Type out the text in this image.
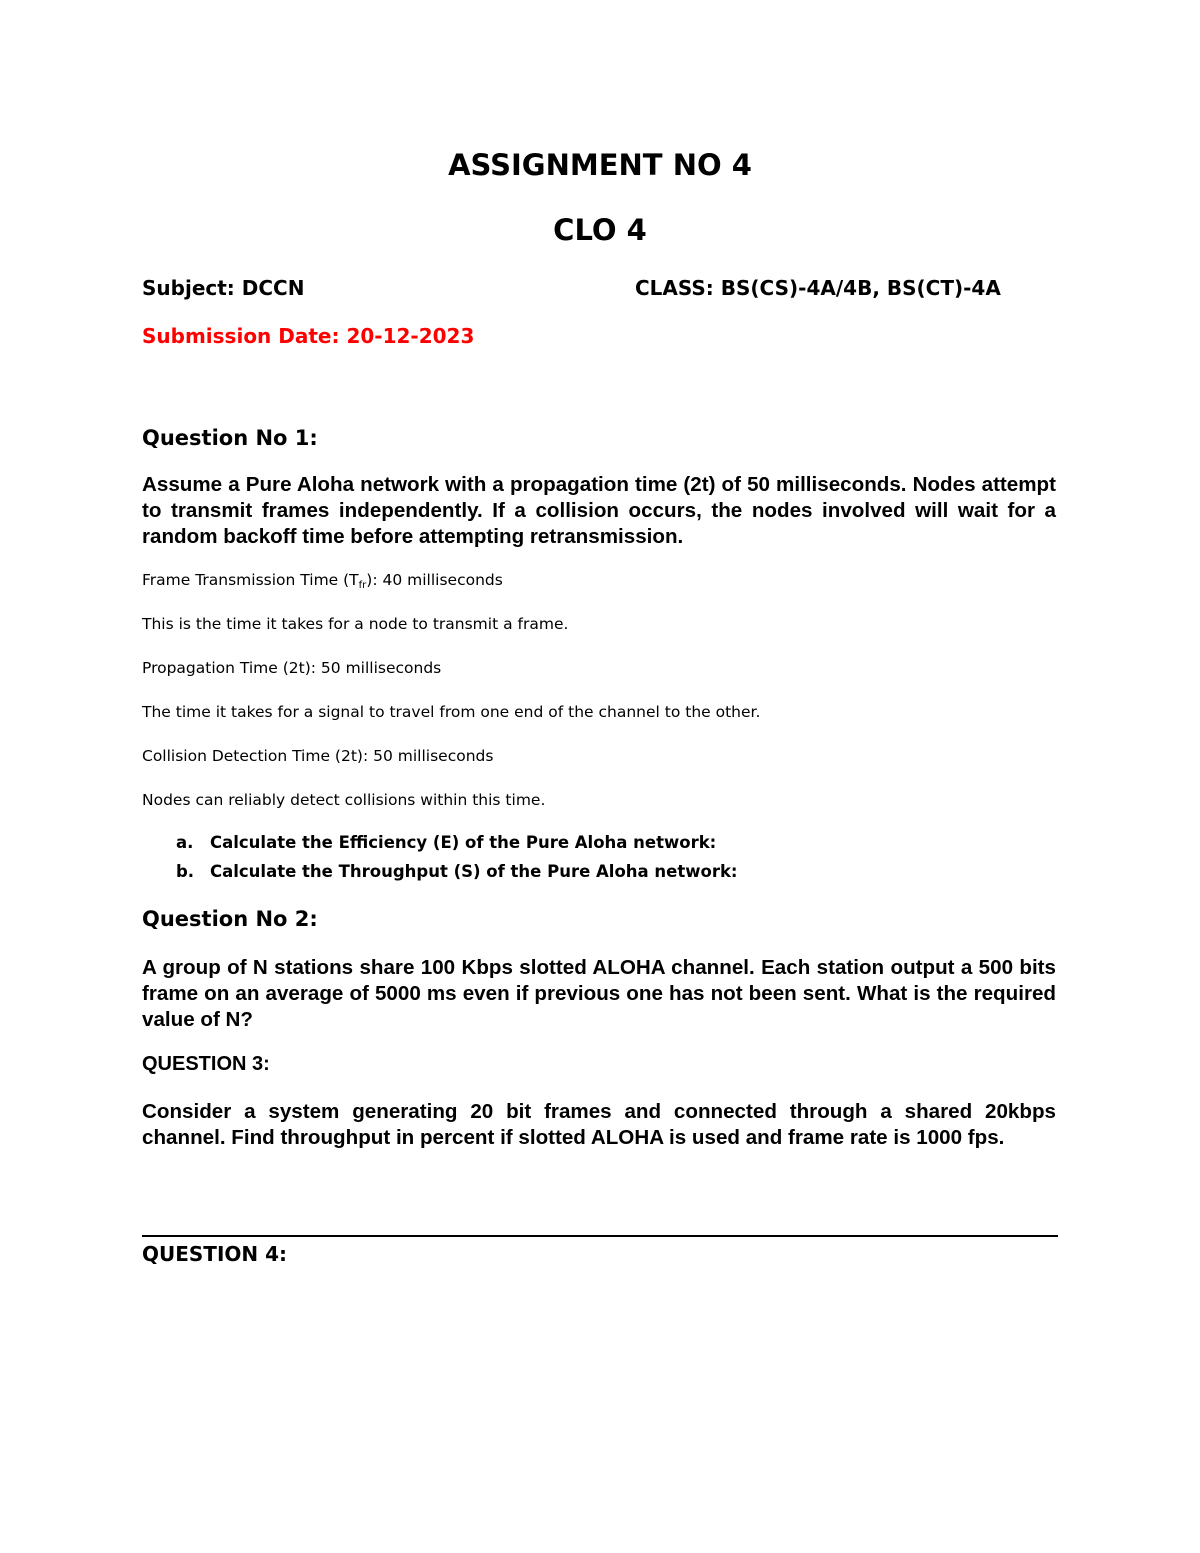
ASSIGNMENT NO 4
CLO 4
Subject: DCCN	CLASS: BS(CS)-4A/4B, BS(CT)-4A
Submission Date: 20-12-2023
Question No 1:

Assume a Pure Aloha network with a propagation time (2t) of 50 milliseconds. Nodes attempt to transmit frames independently. If a collision occurs, the nodes involved will wait for a random backoff time before attempting retransmission.

Frame Transmission Time $(T_{fr})$: 40 milliseconds
This is the time it takes for a node to transmit a frame.
Propagation Time (2t): 50 milliseconds
The time it takes for a signal to travel from one end of the channel to the other.
Collision Detection Time (2t): 50 milliseconds
Nodes can reliably detect collisions within this time.
a. Calculate the Efficiency (E) of the Pure Aloha network:
b. Calculate the Throughput (S) of the Pure Aloha network:
Question No 2:

A group of N stations share 100 Kbps slotted ALOHA channel. Each station output a 500 bits frame on an average of 5000 ms even if previous one has not been sent. What is the required value of N?

QUESTION 3:

Consider a system generating 20 bit frames and connected through a shared 20kbps channel. Find throughput in percent if slotted ALOHA is used and frame rate is 1000 fps.

QUESTION 4:
